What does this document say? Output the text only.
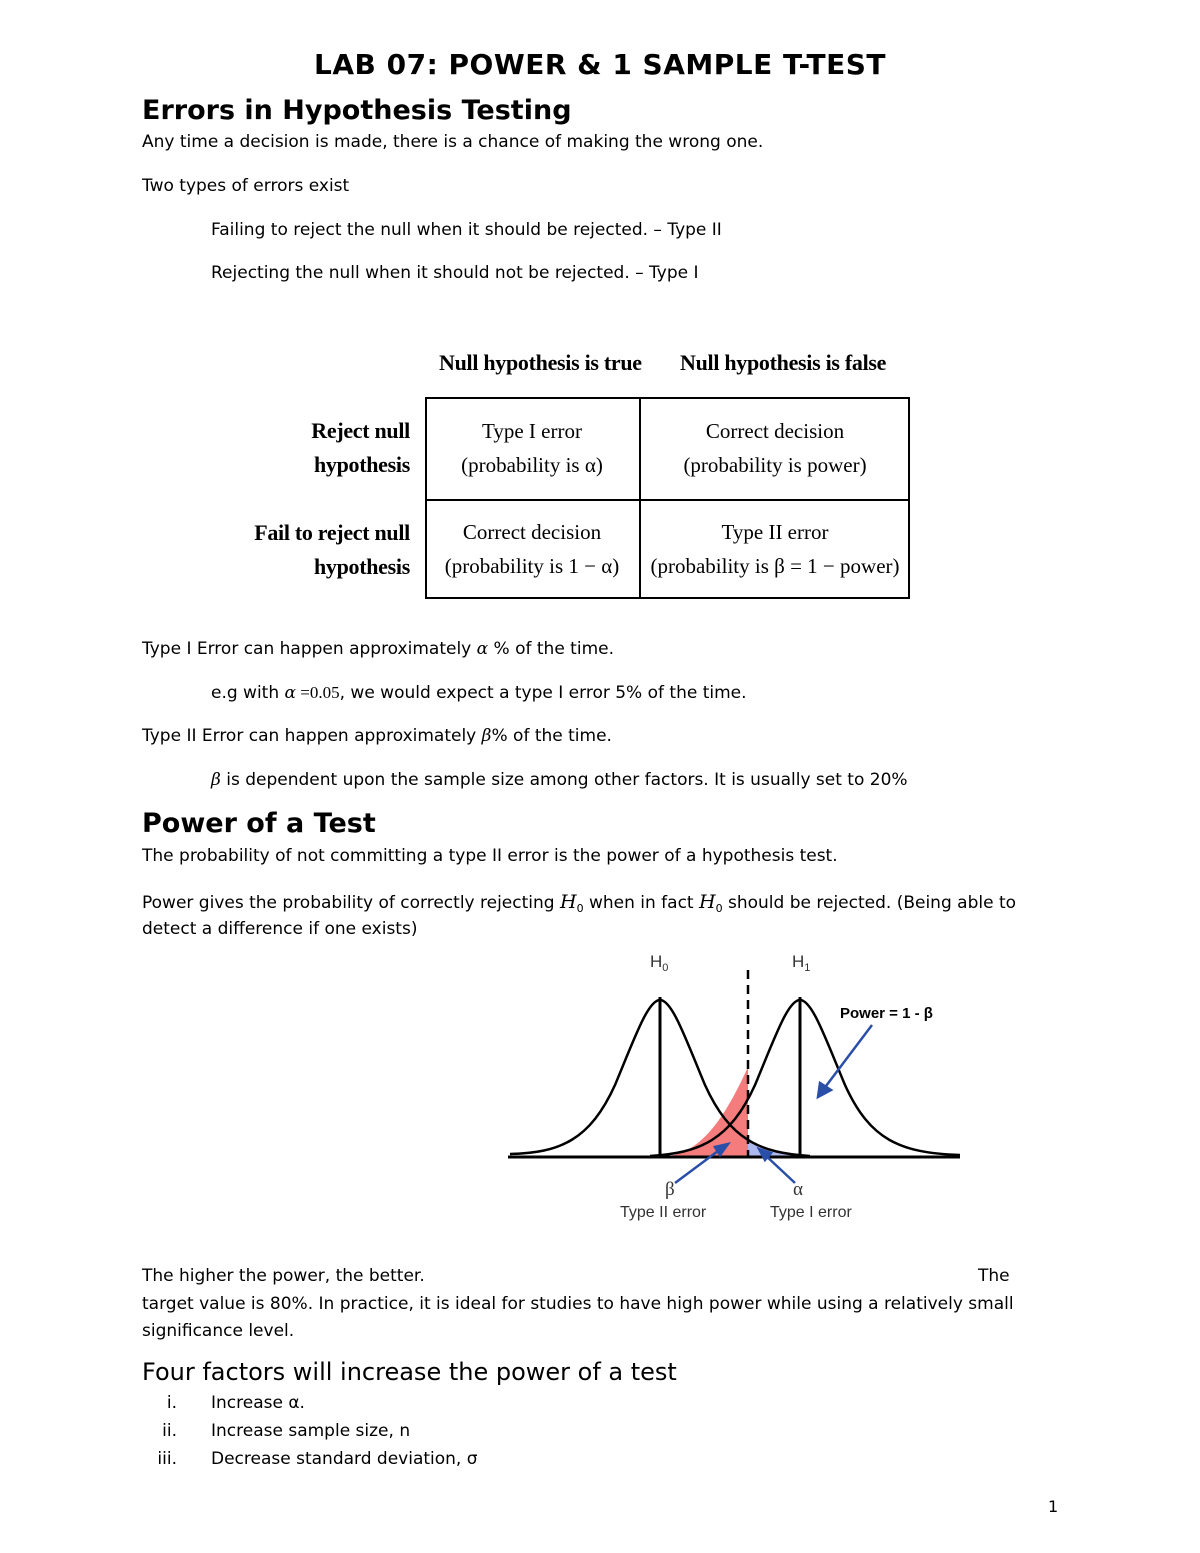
LAB 07: POWER & 1 SAMPLE T-TEST
Errors in Hypothesis Testing
Any time a decision is made, there is a chance of making the wrong one.
Two types of errors exist
Failing to reject the null when it should be rejected. – Type II
Rejecting the null when it should not be rejected. – Type I
Null hypothesis is true Null hypothesis is false
Reject null
hypothesis
Fail to reject null
hypothesis
Type I error
(probability is α)
Correct decision
(probability is power)
Correct decision
(probability is 1 − α)
Type II error
(probability is β = 1 − power)
Type I Error can happen approximately α % of the time.
e.g with α =0.05, we would expect a type I error 5% of the time.
Type II Error can happen approximately β% of the time.
β is dependent upon the sample size among other factors. It is usually set to 20%
Power of a Test
The probability of not committing a type II error is the power of a hypothesis test.
Power gives the probability of correctly rejecting $H_0$ when in fact $H_0$ should be rejected. (Being able to
detect a difference if one exists)
$H_0$	$H_1$
Power = 1 - β
β
Type II error
α
Type I error
The higher the power, the better.	The
target value is 80%. In practice, it is ideal for studies to have high power while using a relatively small
significance level.
Four factors will increase the power of a test
i. Increase α.
ii. Increase sample size, n
iii. Decrease standard deviation, σ
1
